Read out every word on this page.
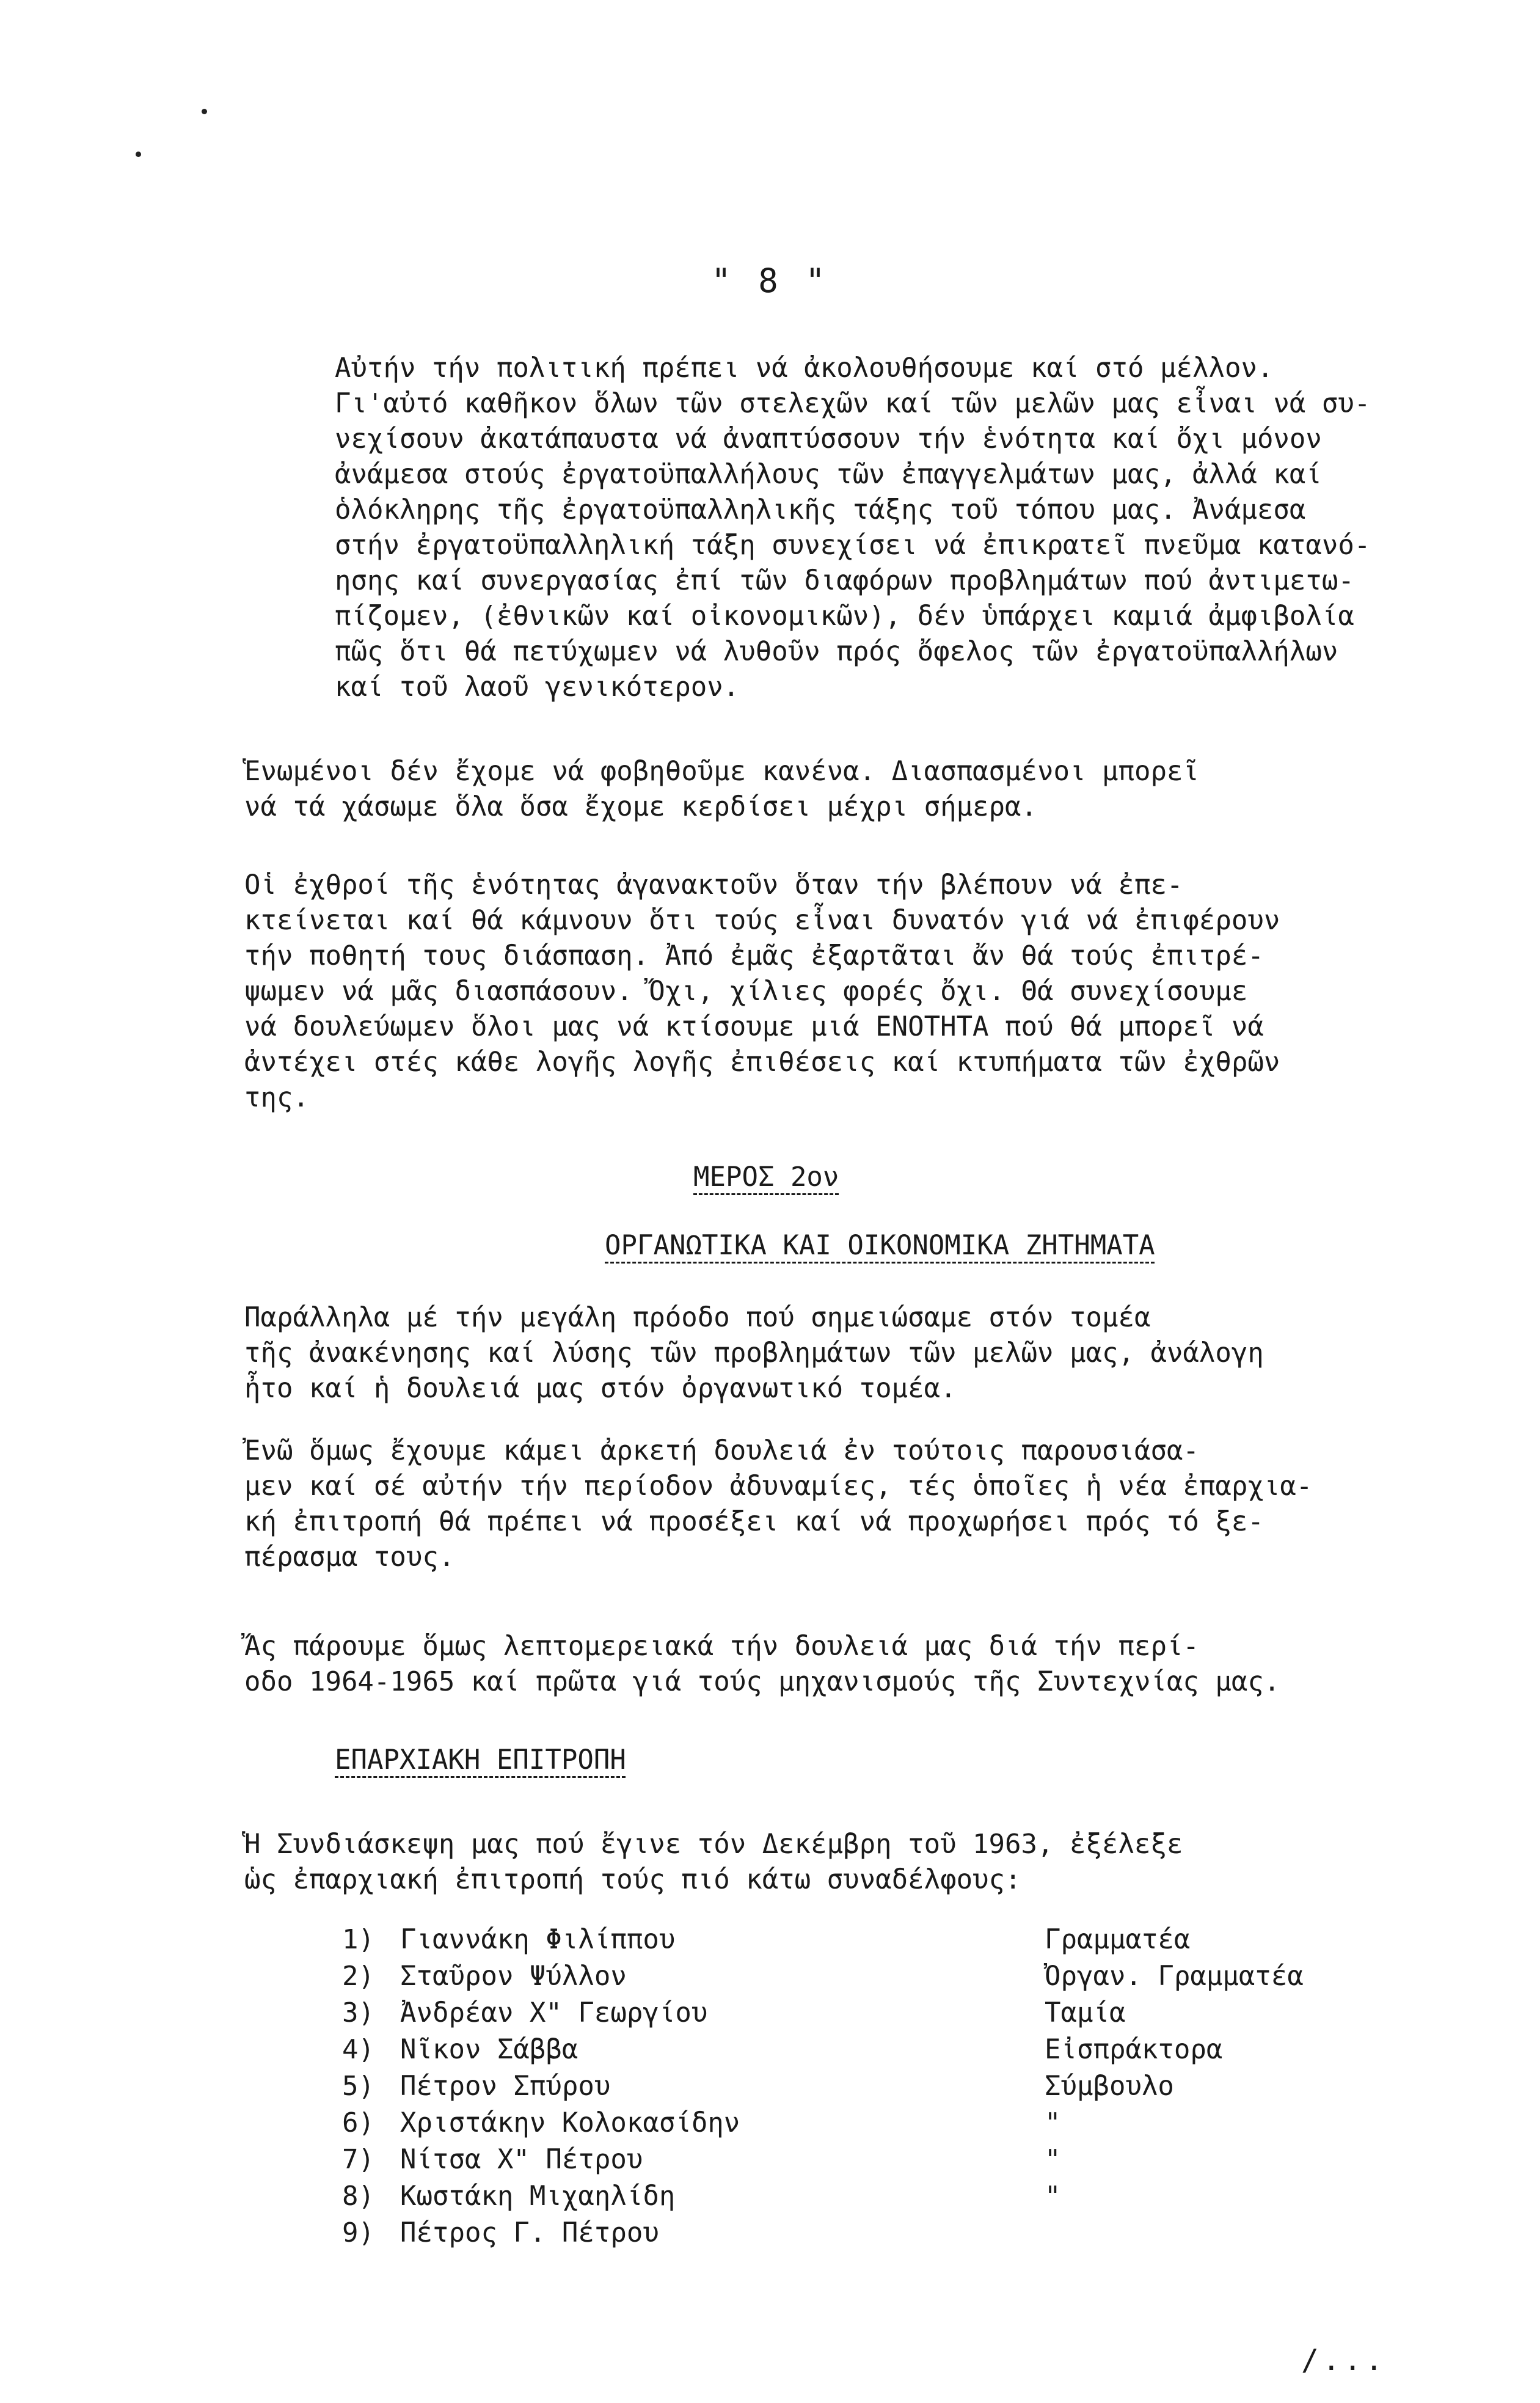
" 8 "
Αὐτήν τήν πολιτική πρέπει νά ἀκολουθήσουμε καί στό μέλλον.
Γι'αὐτό καθῆκον ὅλων τῶν στελεχῶν καί τῶν μελῶν μας εἶναι νά συ-
νεχίσουν ἀκατάπαυστα νά ἀναπτύσσουν τήν ἑνότητα καί ὄχι μόνον
ἀνάμεσα στούς ἐργατοϋπαλλήλους τῶν ἐπαγγελμάτων μας, ἀλλά καί
ὁλόκληρης τῆς ἐργατοϋπαλληλικῆς τάξης τοῦ τόπου μας. Ἀνάμεσα
στήν ἐργατοϋπαλληλική τάξη συνεχίσει νά ἐπικρατεῖ πνεῦμα κατανό-
ησης καί συνεργασίας ἐπί τῶν διαφόρων προβλημάτων πού ἀντιμετω-
πίζομεν, (ἐθνικῶν καί οἰκονομικῶν), δέν ὑπάρχει καμιά ἀμφιβολία
πῶς ὅτι θά πετύχωμεν νά λυθοῦν πρός ὄφελος τῶν ἐργατοϋπαλλήλων
καί τοῦ λαοῦ γενικότερον.
Ἑνωμένοι δέν ἔχομε νά φοβηθοῦμε κανένα. Διασπασμένοι μπορεῖ
νά τά χάσωμε ὅλα ὅσα ἔχομε κερδίσει μέχρι σήμερα.
Οἱ ἐχθροί τῆς ἑνότητας ἀγανακτοῦν ὅταν τήν βλέπουν νά ἐπε-
κτείνεται καί θά κάμνουν ὅτι τούς εἶναι δυνατόν γιά νά ἐπιφέρουν
τήν ποθητή τους διάσπαση. Ἀπό ἐμᾶς ἐξαρτᾶται ἄν θά τούς ἐπιτρέ-
ψωμεν νά μᾶς διασπάσουν. Ὄχι, χίλιες φορές ὄχι. Θά συνεχίσουμε
νά δουλεύωμεν ὅλοι μας νά κτίσουμε μιά ΕΝΟΤΗΤΑ πού θά μπορεῖ νά
ἀντέχει στές κάθε λογῆς λογῆς ἐπιθέσεις καί κτυπήματα τῶν ἐχθρῶν
της.
ΜΕΡΟΣ 2ον
ΟΡΓΑΝΩΤΙΚΑ ΚΑΙ ΟΙΚΟΝΟΜΙΚΑ ΖΗΤΗΜΑΤΑ
Παράλληλα μέ τήν μεγάλη πρόοδο πού σημειώσαμε στόν τομέα
τῆς ἀνακένησης καί λύσης τῶν προβλημάτων τῶν μελῶν μας, ἀνάλογη
ἦτο καί ἡ δουλειά μας στόν ὀργανωτικό τομέα.
Ἐνῶ ὅμως ἔχουμε κάμει ἀρκετή δουλειά ἐν τούτοις παρουσιάσα-
μεν καί σέ αὐτήν τήν περίοδον ἀδυναμίες, τές ὁποῖες ἡ νέα ἐπαρχια-
κή ἐπιτροπή θά πρέπει νά προσέξει καί νά προχωρήσει πρός τό ξε-
πέρασμα τους.
Ἄς πάρουμε ὅμως λεπτομερειακά τήν δουλειά μας διά τήν περί-
οδο 1964-1965 καί πρῶτα γιά τούς μηχανισμούς τῆς Συντεχνίας μας.
ΕΠΑΡΧΙΑΚΗ ΕΠΙΤΡΟΠΗ
Ἡ Συνδιάσκεψη μας πού ἔγινε τόν Δεκέμβρη τοῦ 1963, ἐξέλεξε
ὡς ἐπαρχιακή ἐπιτροπή τούς πιό κάτω συναδέλφους:
1) Γιαννάκη Φιλίππου	Γραμματέα
2) Σταῦρον Ψύλλον	Ὀργαν. Γραμματέα
3) Ἀνδρέαν Χ" Γεωργίου	Ταμία
4) Νῖκον Σάββα	Εἰσπράκτορα
5) Πέτρον Σπύρου	Σύμβουλο
6) Χριστάκην Κολοκασίδην	"
7) Νίτσα Χ" Πέτρου	"
8) Κωστάκη Μιχαηλίδη	"
9) Πέτρος Γ. Πέτρου
/...
